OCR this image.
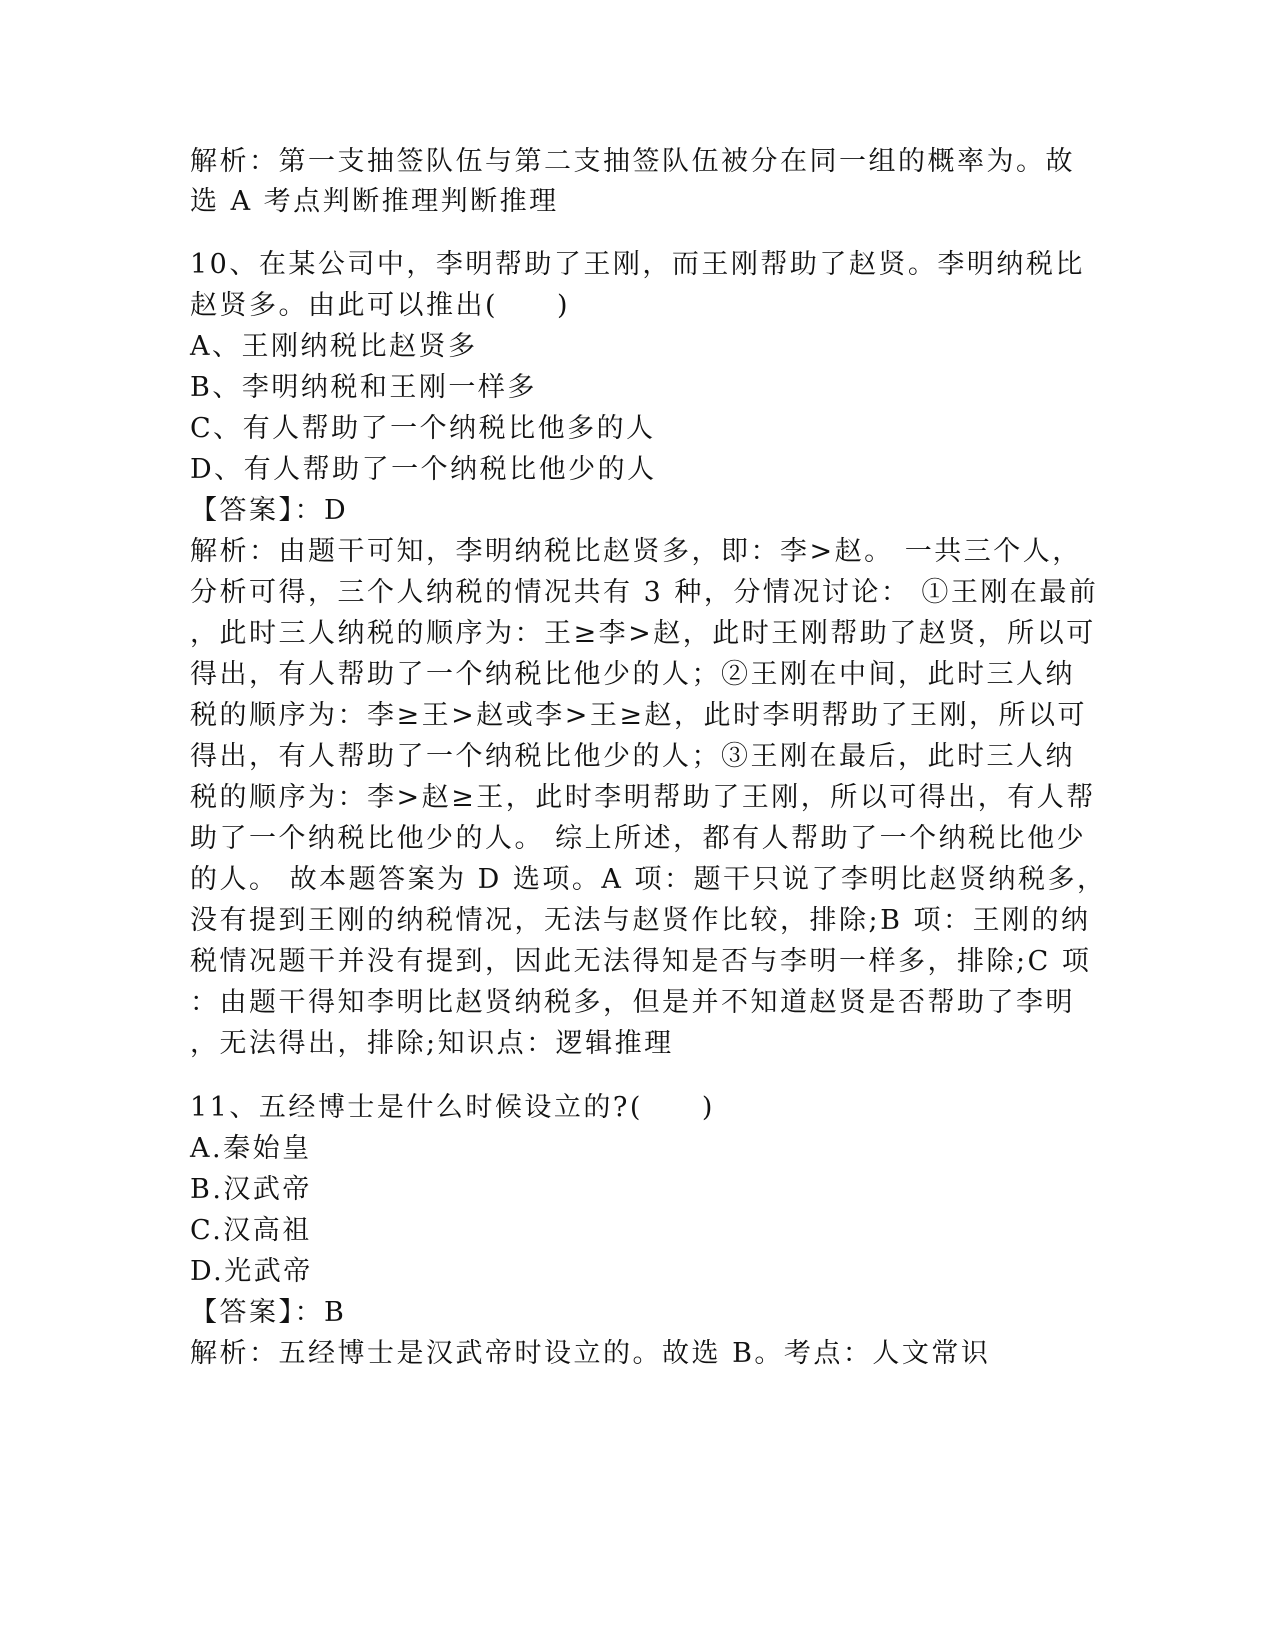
解析：第一支抽签队伍与第二支抽签队伍被分在同一组的概率为。故
选 A 考点判断推理判断推理
10、在某公司中，李明帮助了王刚，而王刚帮助了赵贤。李明纳税比
赵贤多。由此可以推出(　　)
A、王刚纳税比赵贤多
B、李明纳税和王刚一样多
C、有人帮助了一个纳税比他多的人
D、有人帮助了一个纳税比他少的人
【答案】：D
解析：由题干可知，李明纳税比赵贤多，即：李>赵。 一共三个人，
分析可得，三个人纳税的情况共有 3 种，分情况讨论： ①王刚在最前
，此时三人纳税的顺序为：王≥李>赵，此时王刚帮助了赵贤，所以可
得出，有人帮助了一个纳税比他少的人；②王刚在中间，此时三人纳
税的顺序为：李≥王>赵或李>王≥赵，此时李明帮助了王刚，所以可
得出，有人帮助了一个纳税比他少的人；③王刚在最后，此时三人纳
税的顺序为：李>赵≥王，此时李明帮助了王刚，所以可得出，有人帮
助了一个纳税比他少的人。 综上所述，都有人帮助了一个纳税比他少
的人。 故本题答案为 D 选项。A 项：题干只说了李明比赵贤纳税多，
没有提到王刚的纳税情况，无法与赵贤作比较，排除;B 项：王刚的纳
税情况题干并没有提到，因此无法得知是否与李明一样多，排除;C 项
：由题干得知李明比赵贤纳税多，但是并不知道赵贤是否帮助了李明
，无法得出，排除;知识点：逻辑推理
11、五经博士是什么时候设立的?(　　)
A.秦始皇
B.汉武帝
C.汉高祖
D.光武帝
【答案】：B
解析：五经博士是汉武帝时设立的。故选 B。考点：人文常识
